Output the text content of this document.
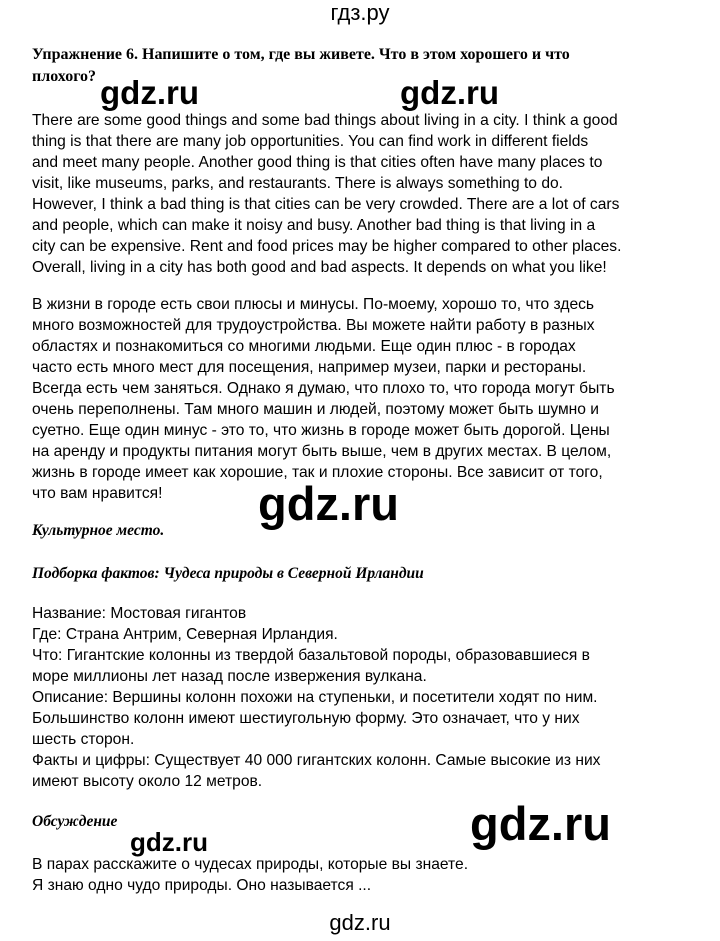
гдз.ру
Упражнение 6. Напишите о том, где вы живете. Что в этом хорошего и что
плохого?
There are some good things and some bad things about living in a city. I think a good
thing is that there are many job opportunities. You can find work in different fields
and meet many people. Another good thing is that cities often have many places to
visit, like museums, parks, and restaurants. There is always something to do.
However, I think a bad thing is that cities can be very crowded. There are a lot of cars
and people, which can make it noisy and busy. Another bad thing is that living in a
city can be expensive. Rent and food prices may be higher compared to other places.
Overall, living in a city has both good and bad aspects. It depends on what you like!
В жизни в городе есть свои плюсы и минусы. По-моему, хорошо то, что здесь
много возможностей для трудоустройства. Вы можете найти работу в разных
областях и познакомиться со многими людьми. Еще один плюс - в городах
часто есть много мест для посещения, например музеи, парки и рестораны.
Всегда есть чем заняться. Однако я думаю, что плохо то, что города могут быть
очень переполнены. Там много машин и людей, поэтому может быть шумно и
суетно. Еще один минус - это то, что жизнь в городе может быть дорогой. Цены
на аренду и продукты питания могут быть выше, чем в других местах. В целом,
жизнь в городе имеет как хорошие, так и плохие стороны. Все зависит от того,
что вам нравится!
Культурное место.
Подборка фактов: Чудеса природы в Северной Ирландии
Название: Мостовая гигантов
Где: Страна Антрим, Северная Ирландия.
Что: Гигантские колонны из твердой базальтовой породы, образовавшиеся в
море миллионы лет назад после извержения вулкана.
Описание: Вершины колонн похожи на ступеньки, и посетители ходят по ним.
Большинство колонн имеют шестиугольную форму. Это означает, что у них
шесть сторон.
Факты и цифры: Существует 40 000 гигантских колонн. Самые высокие из них
имеют высоту около 12 метров.
Обсуждение
В парах расскажите о чудесах природы, которые вы знаете.
Я знаю одно чудо природы. Оно называется ...
gdz.ru	gdz.ru
gdz.ru
gdz.ru
gdz.ru
gdz.ru
